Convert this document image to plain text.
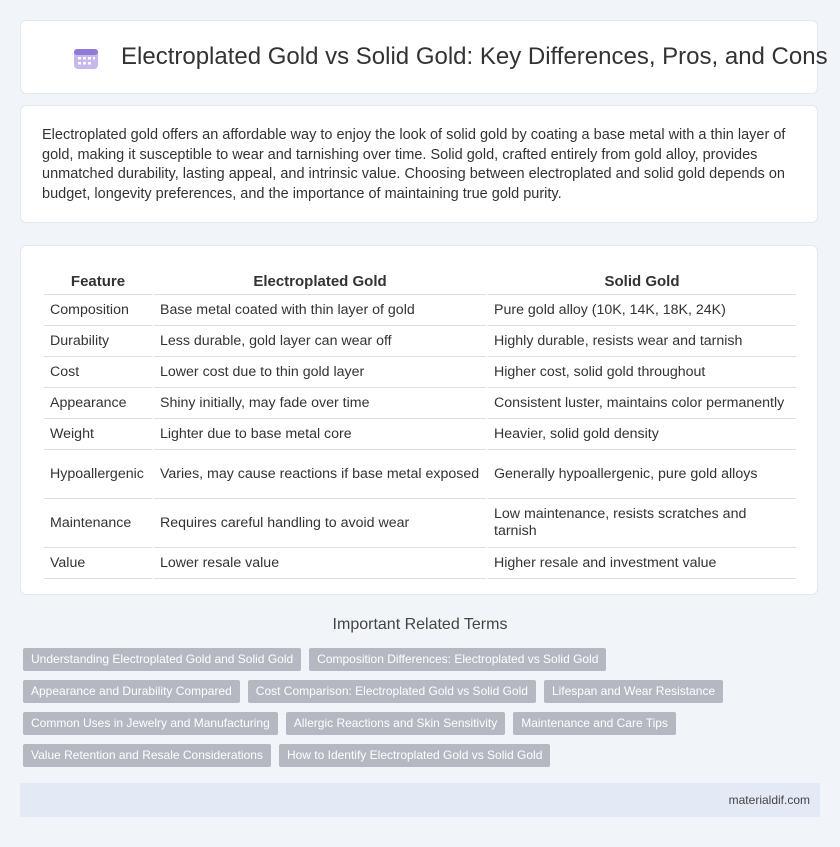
Electroplated Gold vs Solid Gold: Key Differences, Pros, and Cons

Electroplated gold offers an affordable way to enjoy the look of solid gold by coating a base metal with a thin layer of gold, making it susceptible to wear and tarnishing over time. Solid gold, crafted entirely from gold alloy, provides unmatched durability, lasting appeal, and intrinsic value. Choosing between electroplated and solid gold depends on budget, longevity preferences, and the importance of maintaining true gold purity.

Feature	Electroplated Gold	Solid Gold
Composition	Base metal coated with thin layer of gold	Pure gold alloy (10K, 14K, 18K, 24K)
Durability	Less durable, gold layer can wear off	Highly durable, resists wear and tarnish
Cost	Lower cost due to thin gold layer	Higher cost, solid gold throughout
Appearance	Shiny initially, may fade over time	Consistent luster, maintains color permanently
Weight	Lighter due to base metal core	Heavier, solid gold density
Hypoallergenic	Varies, may cause reactions if base metal exposed	Generally hypoallergenic, pure gold alloys
Maintenance	Requires careful handling to avoid wear	Low maintenance, resists scratches and tarnish
Value	Lower resale value	Higher resale and investment value
Important Related Terms
Understanding Electroplated Gold and Solid Gold	Composition Differences: Electroplated vs Solid Gold
Appearance and Durability Compared	Cost Comparison: Electroplated Gold vs Solid Gold	Lifespan and Wear Resistance
Common Uses in Jewelry and Manufacturing	Allergic Reactions and Skin Sensitivity	Maintenance and Care Tips
Value Retention and Resale Considerations	How to Identify Electroplated Gold vs Solid Gold
materialdif.com
